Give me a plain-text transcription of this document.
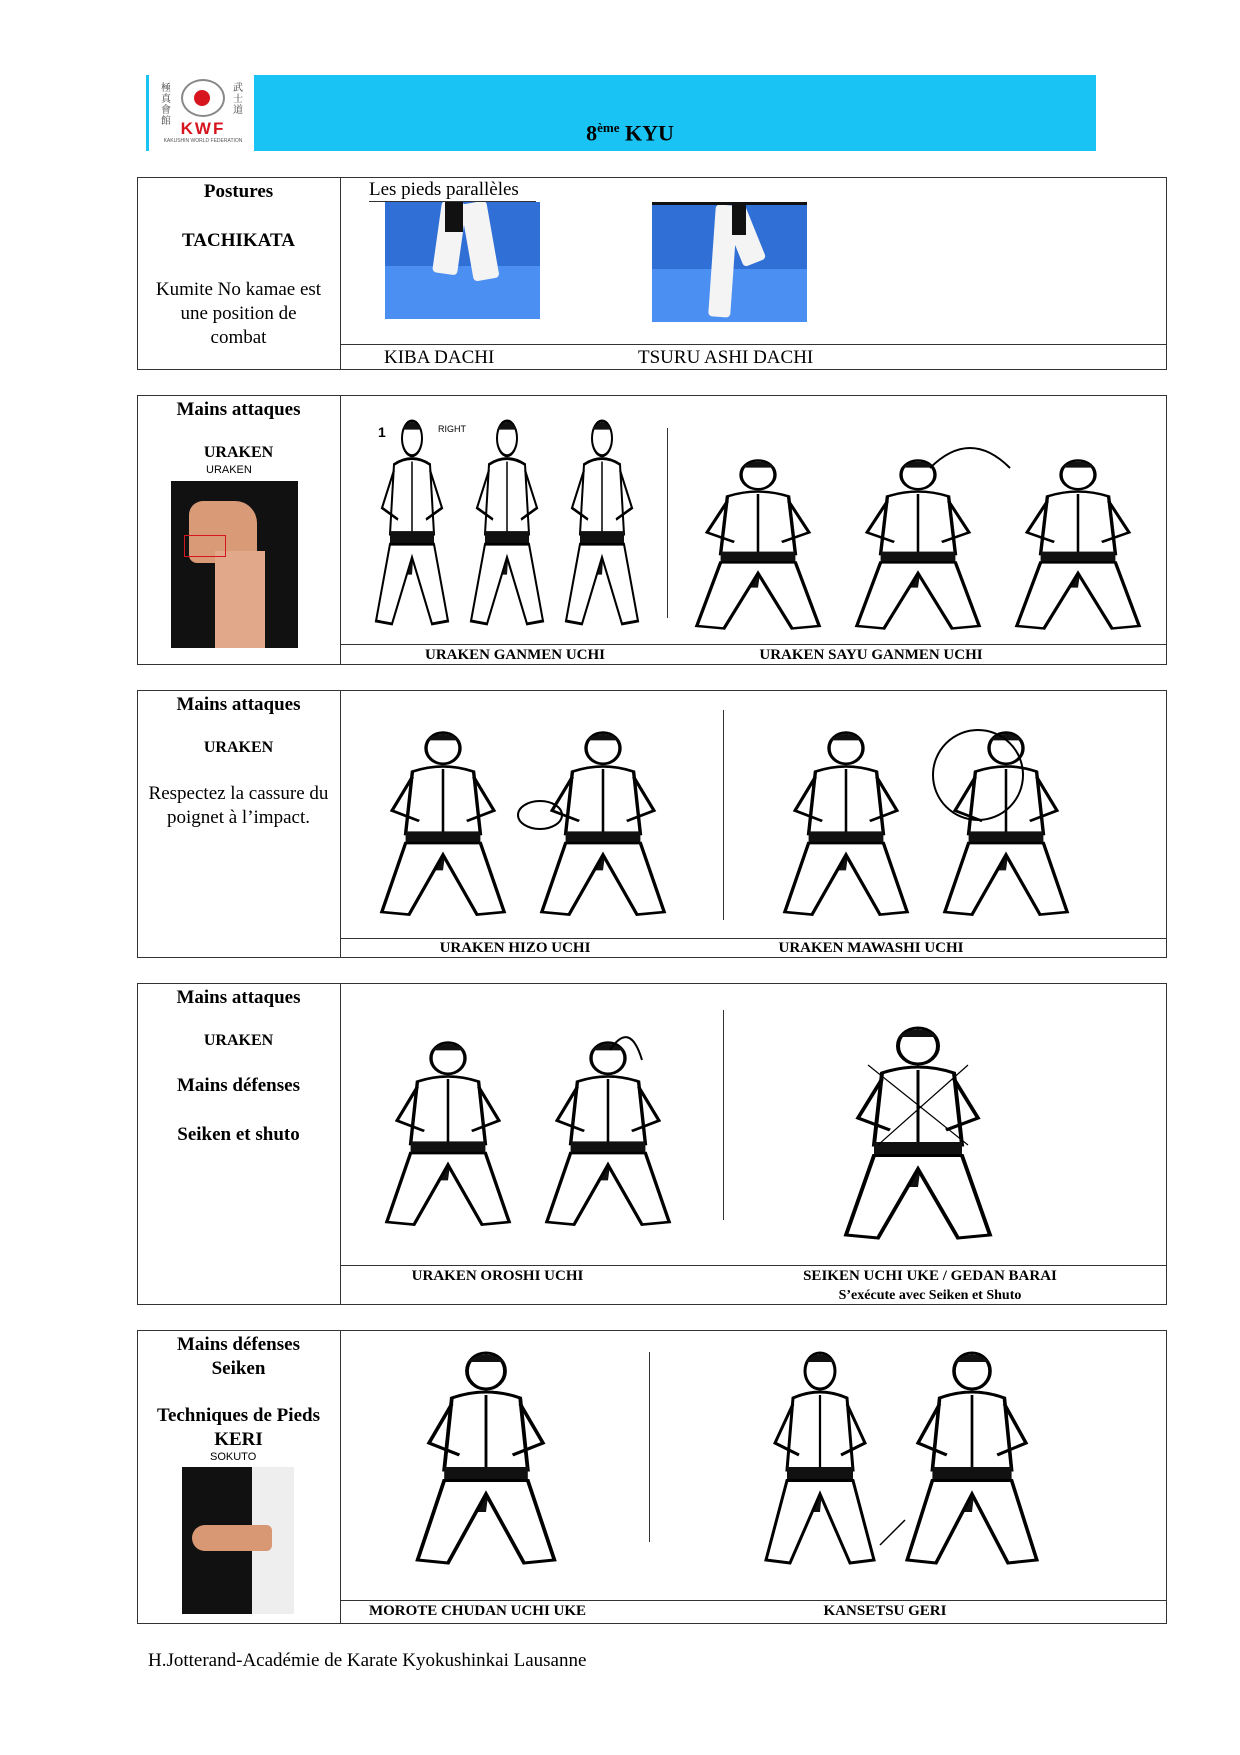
極真會館
武士道
KWF
KAKUSHIN WORLD FEDERATION	8ème KYU
Postures
TACHIKATA
Kumite No kamae est une position de combat
Les pieds parallèles
KIBA DACHI	TSURU ASHI DACHI
Mains attaques
URAKEN
URAKEN
1	RIGHT
URAKEN GANMEN UCHI	URAKEN SAYU GANMEN UCHI
Mains attaques
URAKEN
Respectez la cassure du poignet à l’impact.
URAKEN HIZO UCHI	URAKEN MAWASHI UCHI
Mains attaques
URAKEN
Mains défenses
Seiken et shuto
URAKEN OROSHI UCHI	SEIKEN UCHI UKE / GEDAN BARAI
S’exécute avec Seiken et Shuto
Mains défenses Seiken
Techniques de Pieds KERI
SOKUTO
MOROTE CHUDAN UCHI UKE	KANSETSU GERI
H.Jotterand-Académie de Karate Kyokushinkai Lausanne
